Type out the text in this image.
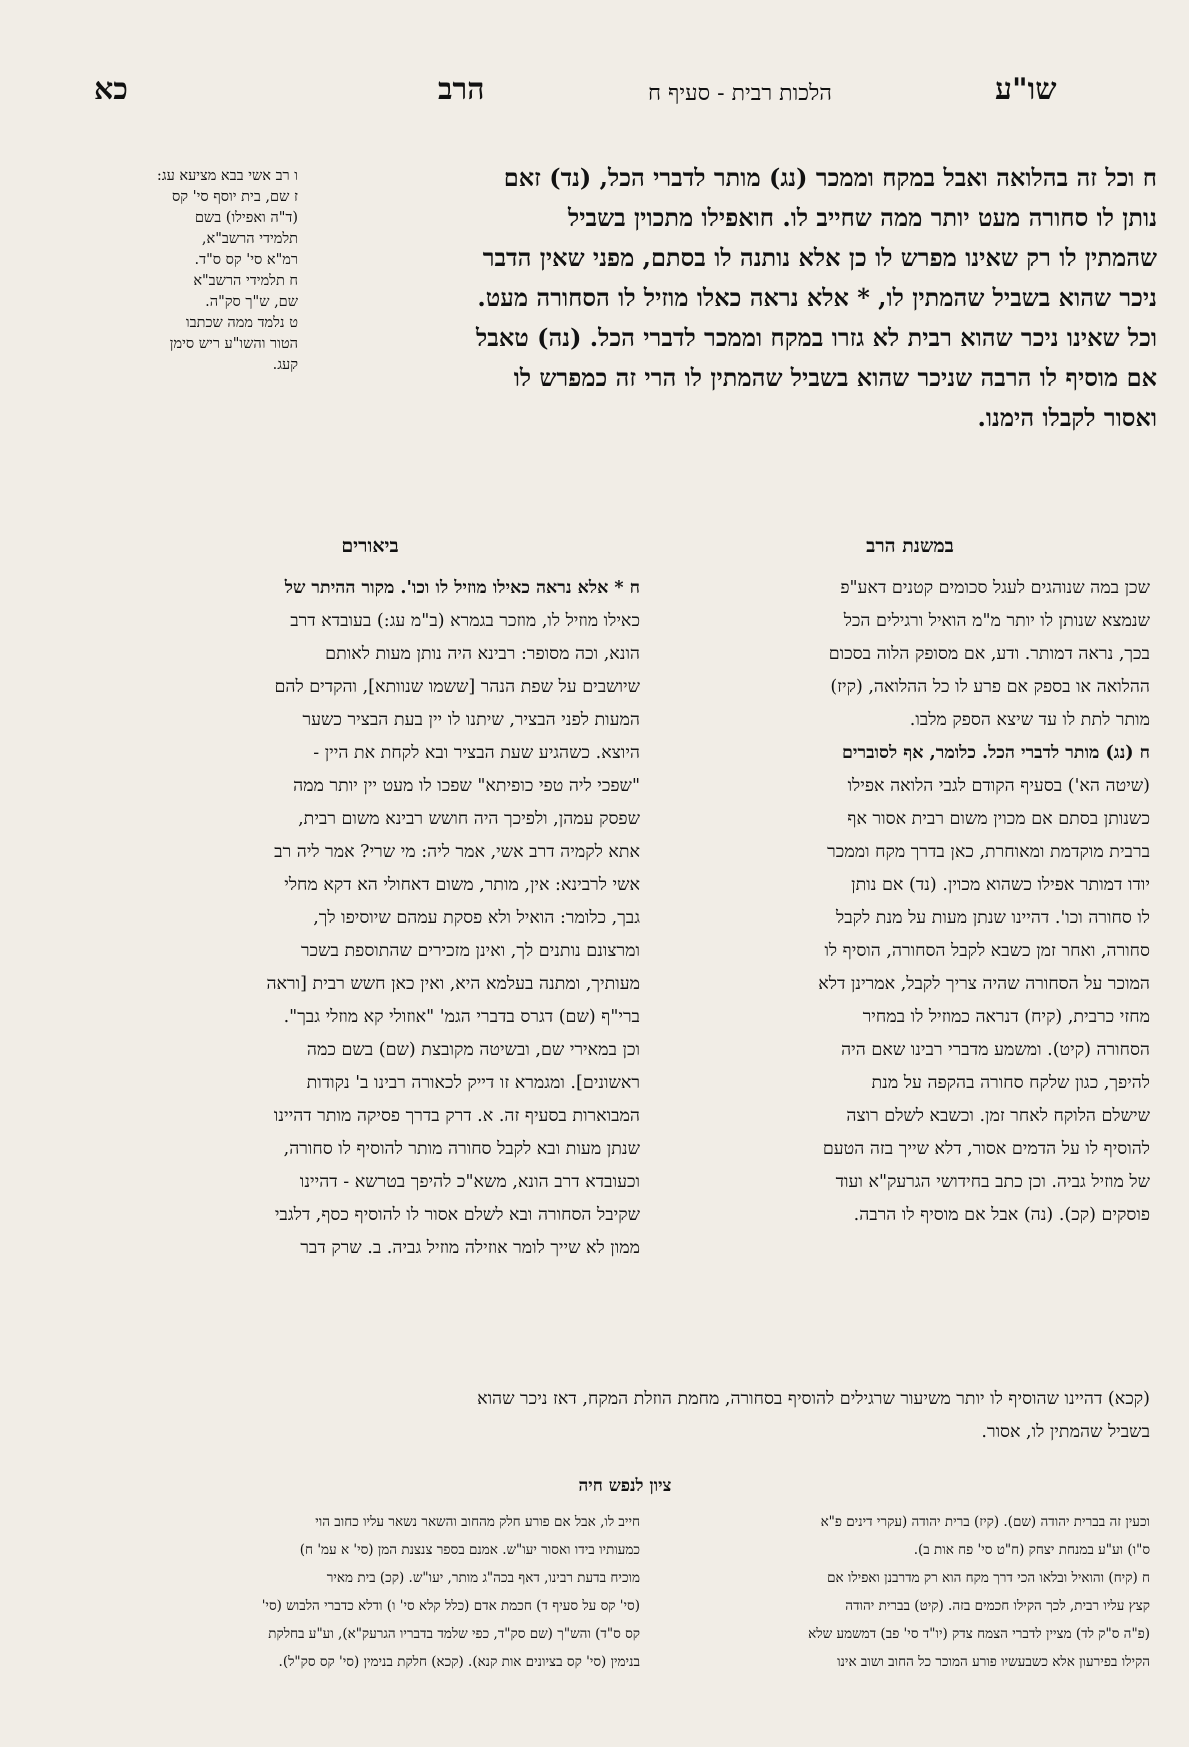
כא	הרב	הלכות רבית - סעיף ח	שו"ע

ח וכל זה בהלואה ואבל במקח וממכר (נג) מותר לדברי הכל, (נד) זאם

נותן לו סחורה מעט יותר ממה שחייב לו. חואפילו מתכוין בשביל

שהמתין לו רק שאינו מפרש לו כן אלא נותנה לו בסתם, מפני שאין הדבר

ניכר שהוא בשביל שהמתין לו, * אלא נראה כאלו מוזיל לו הסחורה מעט.

וכל שאינו ניכר שהוא רבית לא גזרו במקח וממכר לדברי הכל. (נה) טאבל

אם מוסיף לו הרבה שניכר שהוא בשביל שהמתין לו הרי זה כמפרש לו

ואסור לקבלו הימנו.

ו רב אשי בבא מציעא עג:
ז שם, בית יוסף סי' קס
(ד"ה ואפילו) בשם
תלמידי הרשב"א,
רמ"א סי' קס ס"ד.
ח תלמידי הרשב"א
שם, ש"ך סק"ה.
ט נלמד ממה שכתבו
הטור והשו"ע ריש סימן
קעג.
במשנת הרב
ביאורים

שכן במה שנוהגים לעגל סכומים קטנים דאע"פ

שנמצא שנותן לו יותר מ"מ הואיל ורגילים הכל

בכך, נראה דמותר. ודע, אם מסופק הלוה בסכום

ההלואה או בספק אם פרע לו כל ההלואה, (קיז)

מותר לתת לו עד שיצא הספק מלבו.

ח (נג) מותר לדברי הכל. כלומר, אף לסוברים

(שיטה הא') בסעיף הקודם לגבי הלואה אפילו

כשנותן בסתם אם מכוין משום רבית אסור אף

ברבית מוקדמת ומאוחרת, כאן בדרך מקח וממכר

יודו דמותר אפילו כשהוא מכוין. (נד) אם נותן

לו סחורה וכו'. דהיינו שנתן מעות על מנת לקבל

סחורה, ואחר זמן כשבא לקבל הסחורה, הוסיף לו

המוכר על הסחורה שהיה צריך לקבל, אמרינן דלא

מחזי כרבית, (קיח) דנראה כמוזיל לו במחיר

הסחורה (קיט). ומשמע מדברי רבינו שאם היה

להיפך, כגון שלקח סחורה בהקפה על מנת

שישלם הלוקח לאחר זמן. וכשבא לשלם רוצה

להוסיף לו על הדמים אסור, דלא שייך בזה הטעם

של מוזיל גביה. וכן כתב בחידושי הגרעק"א ועוד

פוסקים (קכ). (נה) אבל אם מוסיף לו הרבה.

ח * אלא נראה כאילו מוזיל לו וכו'. מקור ההיתר של

כאילו מוזיל לו, מוזכר בגמרא (ב"מ עג:) בעובדא דרב

הונא, וכה מסופר: רבינא היה נותן מעות לאותם

שיושבים על שפת הנהר [ששמו שנוותא], והקדים להם

המעות לפני הבציר, שיתנו לו יין בעת הבציר כשער

היוצא. כשהגיע שעת הבציר ובא לקחת את היין -

"שפכי ליה טפי כופיתא" שפכו לו מעט יין יותר ממה

שפסק עמהן, ולפיכך היה חושש רבינא משום רבית,

אתא לקמיה דרב אשי, אמר ליה: מי שרי? אמר ליה רב

אשי לרבינא: אין, מותר, משום דאחולי הא דקא מחלי

גבך, כלומר: הואיל ולא פסקת עמהם שיוסיפו לך,

ומרצונם נותנים לך, ואינן מזכירים שהתוספת בשכר

מעותיך, ומתנה בעלמא היא, ואין כאן חשש רבית [וראה

ברי"ף (שם) דגרס בדברי הגמ' "אוזולי קא מוזלי גבך".

וכן במאירי שם, ובשיטה מקובצת (שם) בשם כמה

ראשונים]. ומגמרא זו דייק לכאורה רבינו ב' נקודות

המבוארות בסעיף זה. א. דרק בדרך פסיקה מותר דהיינו

שנתן מעות ובא לקבל סחורה מותר להוסיף לו סחורה,

וכעובדא דרב הונא, משא"כ להיפך בטרשא - דהיינו

שקיבל הסחורה ובא לשלם אסור לו להוסיף כסף, דלגבי

ממון לא שייך לומר אוזילה מוזיל גביה. ב. שרק דבר

(קכא) דהיינו שהוסיף לו יותר משיעור שרגילים להוסיף בסחורה, מחמת הוזלת המקח, דאז ניכר שהוא

בשביל שהמתין לו, אסור.

ציון לנפש חיה

וכעין זה בברית יהודה (שם). (קיז) ברית יהודה (עקרי דינים פ"א

ס"ו) וע"ע במנחת יצחק (ח"ט סי' פח אות ב).

ח (קיח) והואיל ובלאו הכי דרך מקח הוא רק מדרבנן ואפילו אם

קצץ עליו רבית, לכך הקילו חכמים בזה. (קיט) בברית יהודה

(פ"ה ס"ק לד) מציין לדברי הצמח צדק (יו"ד סי' פב) דמשמע שלא

הקילו בפירעון אלא כשבעשיו פורע המוכר כל החוב ושוב אינו

חייב לו, אבל אם פורע חלק מהחוב והשאר נשאר עליו כחוב הוי

כמעותיו בידו ואסור יעו"ש. אמנם בספר צנצנת המן (סי' א עמ' ח)

מוכיח בדעת רבינו, דאף בכה"ג מותר, יעו"ש. (קכ) בית מאיר

(סי' קס על סעיף ד) חכמת אדם (כלל קלא סי' ו) ודלא כדברי הלבוש (סי'

קס ס"ד) והש"ך (שם סק"ד, כפי שלמד בדבריו הגרעק"א), וע"ע בחלקת

בנימין (סי' קס בציונים אות קנא). (קכא) חלקת בנימין (סי' קס סק"ל).
